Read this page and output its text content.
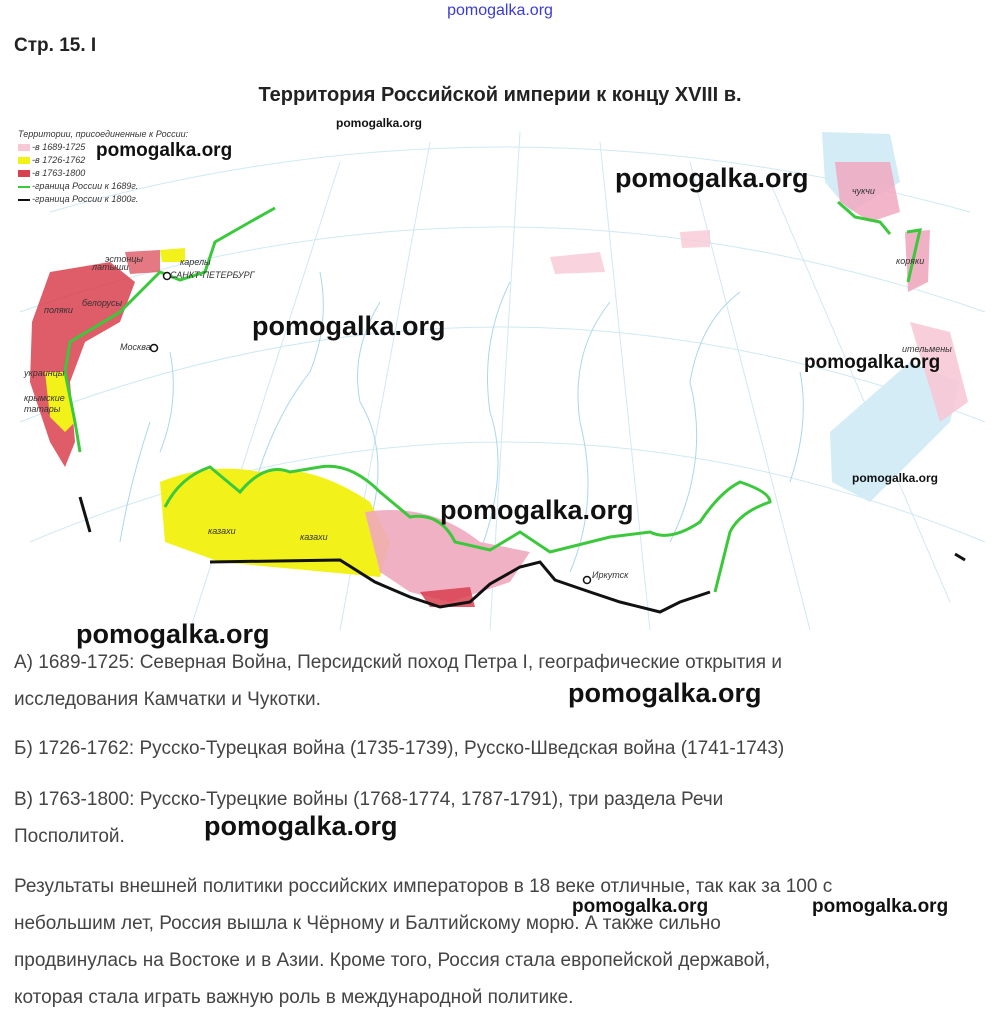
pomogalka.org
Стр. 15. I
Территория Российской империи к концу XVIII в.
эстонцы
латыши	карелы
САНКТ-ПЕТЕРБУРГ
белорусы
поляки
Москва
украинцы
крымские татары
казахи
казахи
Иркутск
чукчи
коряки
ительмены
Территории, присоединенные к России:
-в 1689-1725
-в 1726-1762
-в 1763-1800
-граница России к 1689г.
-граница России к 1800г.
pomogalka.org
pomogalka.org
pomogalka.org
pomogalka.org
pomogalka.org
pomogalka.org
pomogalka.org
pomogalka.org
pomogalka.org
pomogalka.org
pomogalka.org	pomogalka.org
А) 1689-1725: Северная Война, Персидский поход Петра I, географические открытия и
исследования Камчатки и Чукотки.
Б) 1726-1762: Русско-Турецкая война (1735-1739), Русско-Шведская война (1741-1743)
В) 1763-1800: Русско-Турецкие войны (1768-1774, 1787-1791), три раздела Речи
Посполитой.
Результаты внешней политики российских императоров в 18 веке отличные, так как за 100 с
небольшим лет, Россия вышла к Чёрному и Балтийскому морю. А также сильно
продвинулась на Востоке и в Азии. Кроме того, Россия стала европейской державой,
которая стала играть важную роль в международной политике.
